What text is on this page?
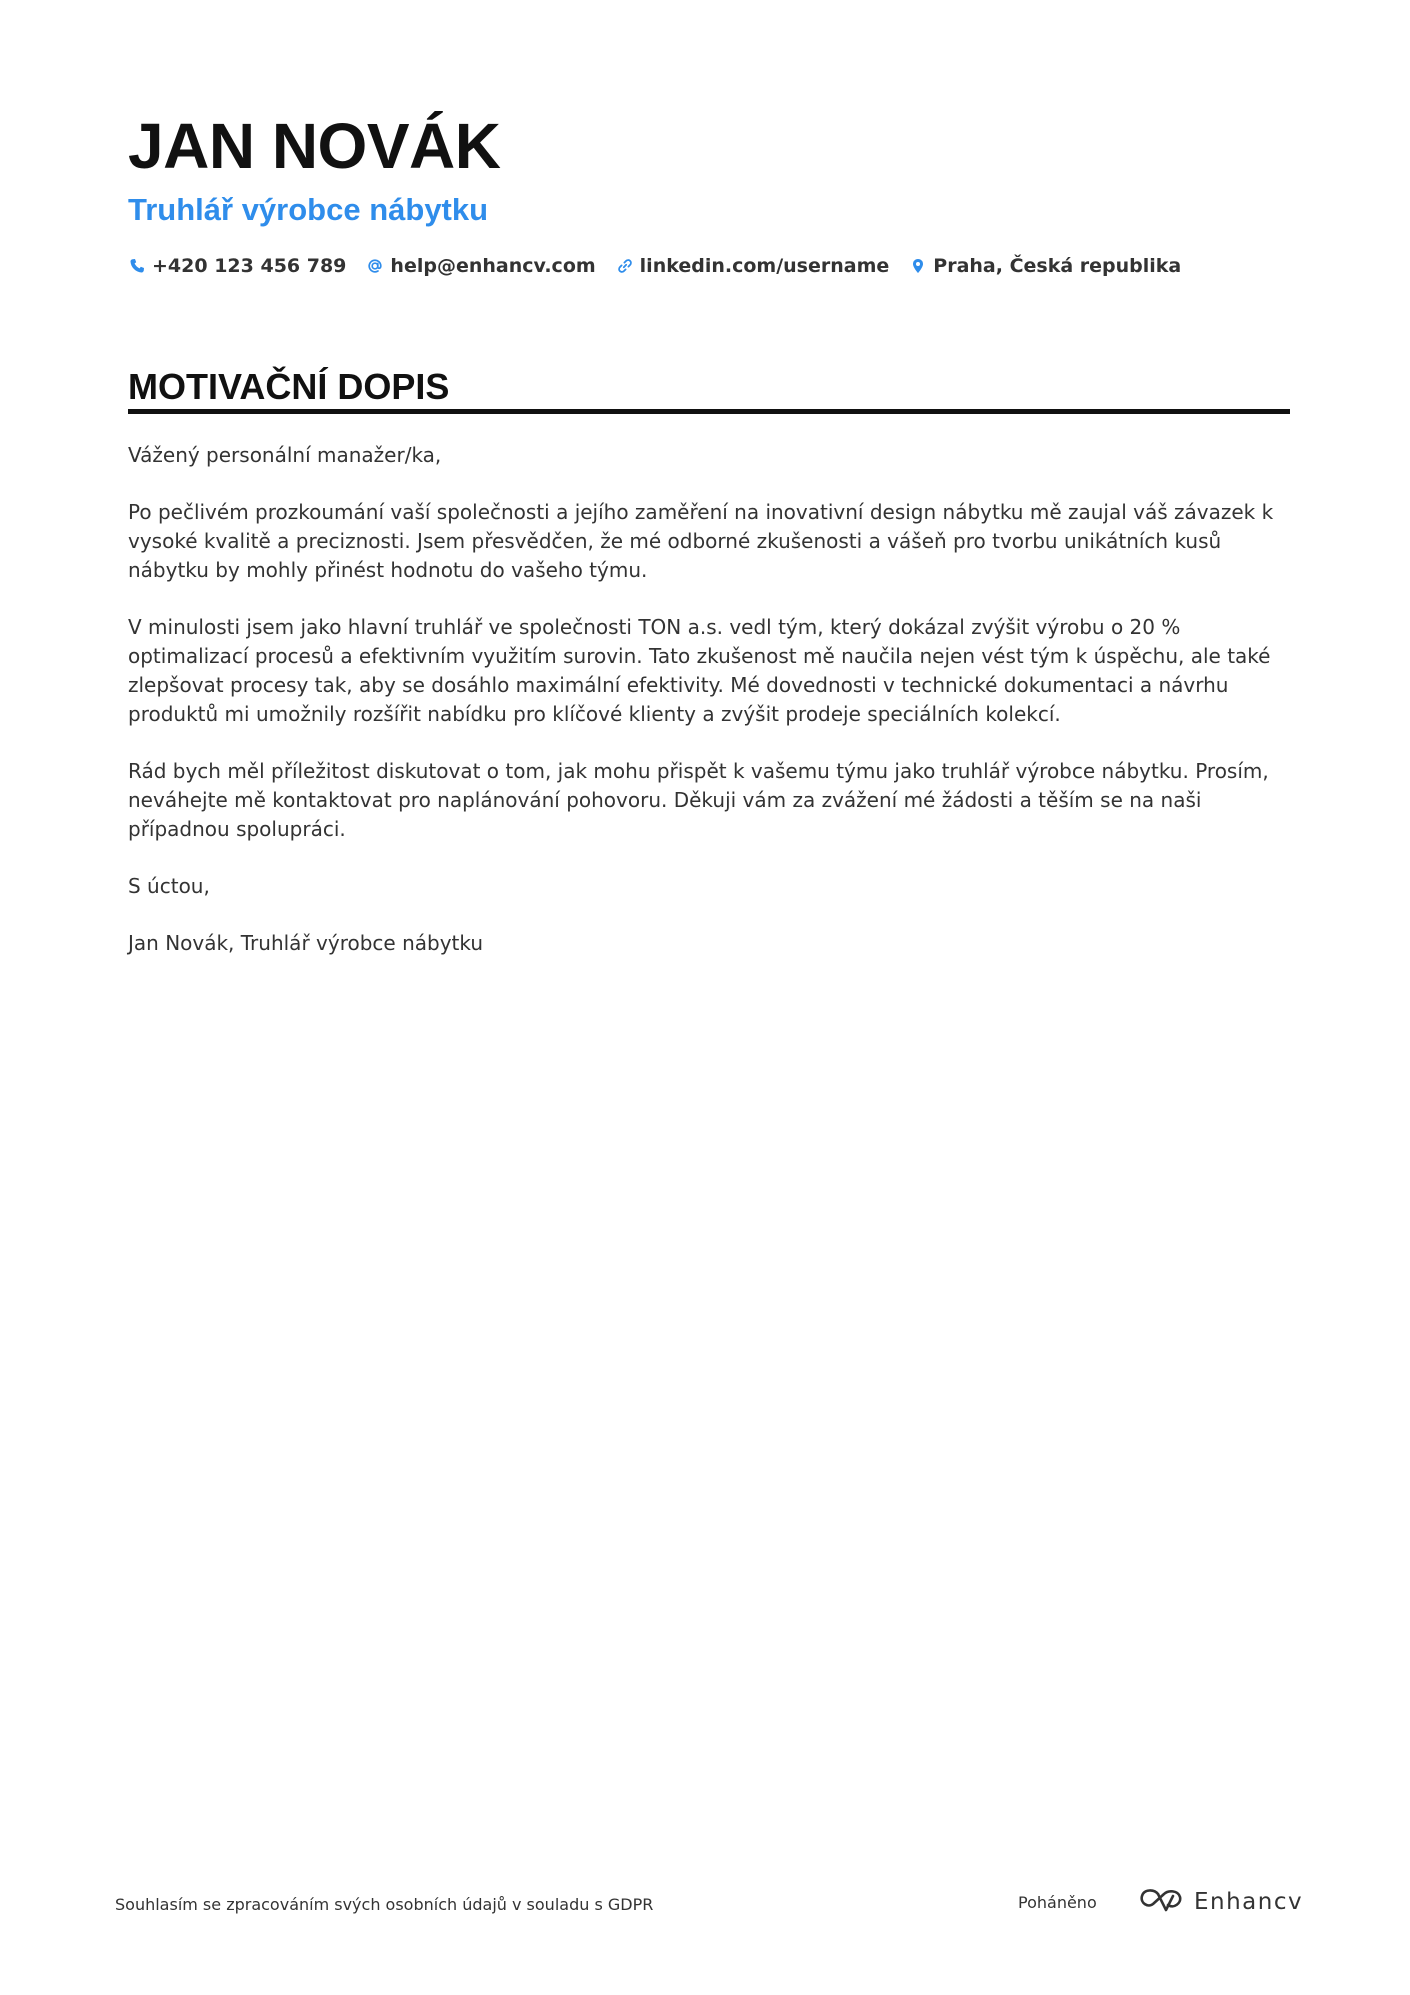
JAN NOVÁK
Truhlář výrobce nábytku
+420 123 456 789 help@enhancv.com linkedin.com/username Praha, Česká republika
MOTIVAČNÍ DOPIS

Vážený personální manažer/ka,

Po pečlivém prozkoumání vaší společnosti a jejího zaměření na inovativní design nábytku mě zaujal váš závazek k vysoké kvalitě a preciznosti. Jsem přesvědčen, že mé odborné zkušenosti a vášeň pro tvorbu unikátních kusů nábytku by mohly přinést hodnotu do vašeho týmu.

V minulosti jsem jako hlavní truhlář ve společnosti TON a.s. vedl tým, který dokázal zvýšit výrobu o 20 % optimalizací procesů a efektivním využitím surovin. Tato zkušenost mě naučila nejen vést tým k úspěchu, ale také zlepšovat procesy tak, aby se dosáhlo maximální efektivity. Mé dovednosti v technické dokumentaci a návrhu produktů mi umožnily rozšířit nabídku pro klíčové klienty a zvýšit prodeje speciálních kolekcí.

Rád bych měl příležitost diskutovat o tom, jak mohu přispět k vašemu týmu jako truhlář výrobce nábytku. Prosím, neváhejte mě kontaktovat pro naplánování pohovoru. Děkuji vám za zvážení mé žádosti a těším se na naši případnou spolupráci.

S úctou,

Jan Novák, Truhlář výrobce nábytku

Souhlasím se zpracováním svých osobních údajů v souladu s GDPR	Poháněno	Enhancv
